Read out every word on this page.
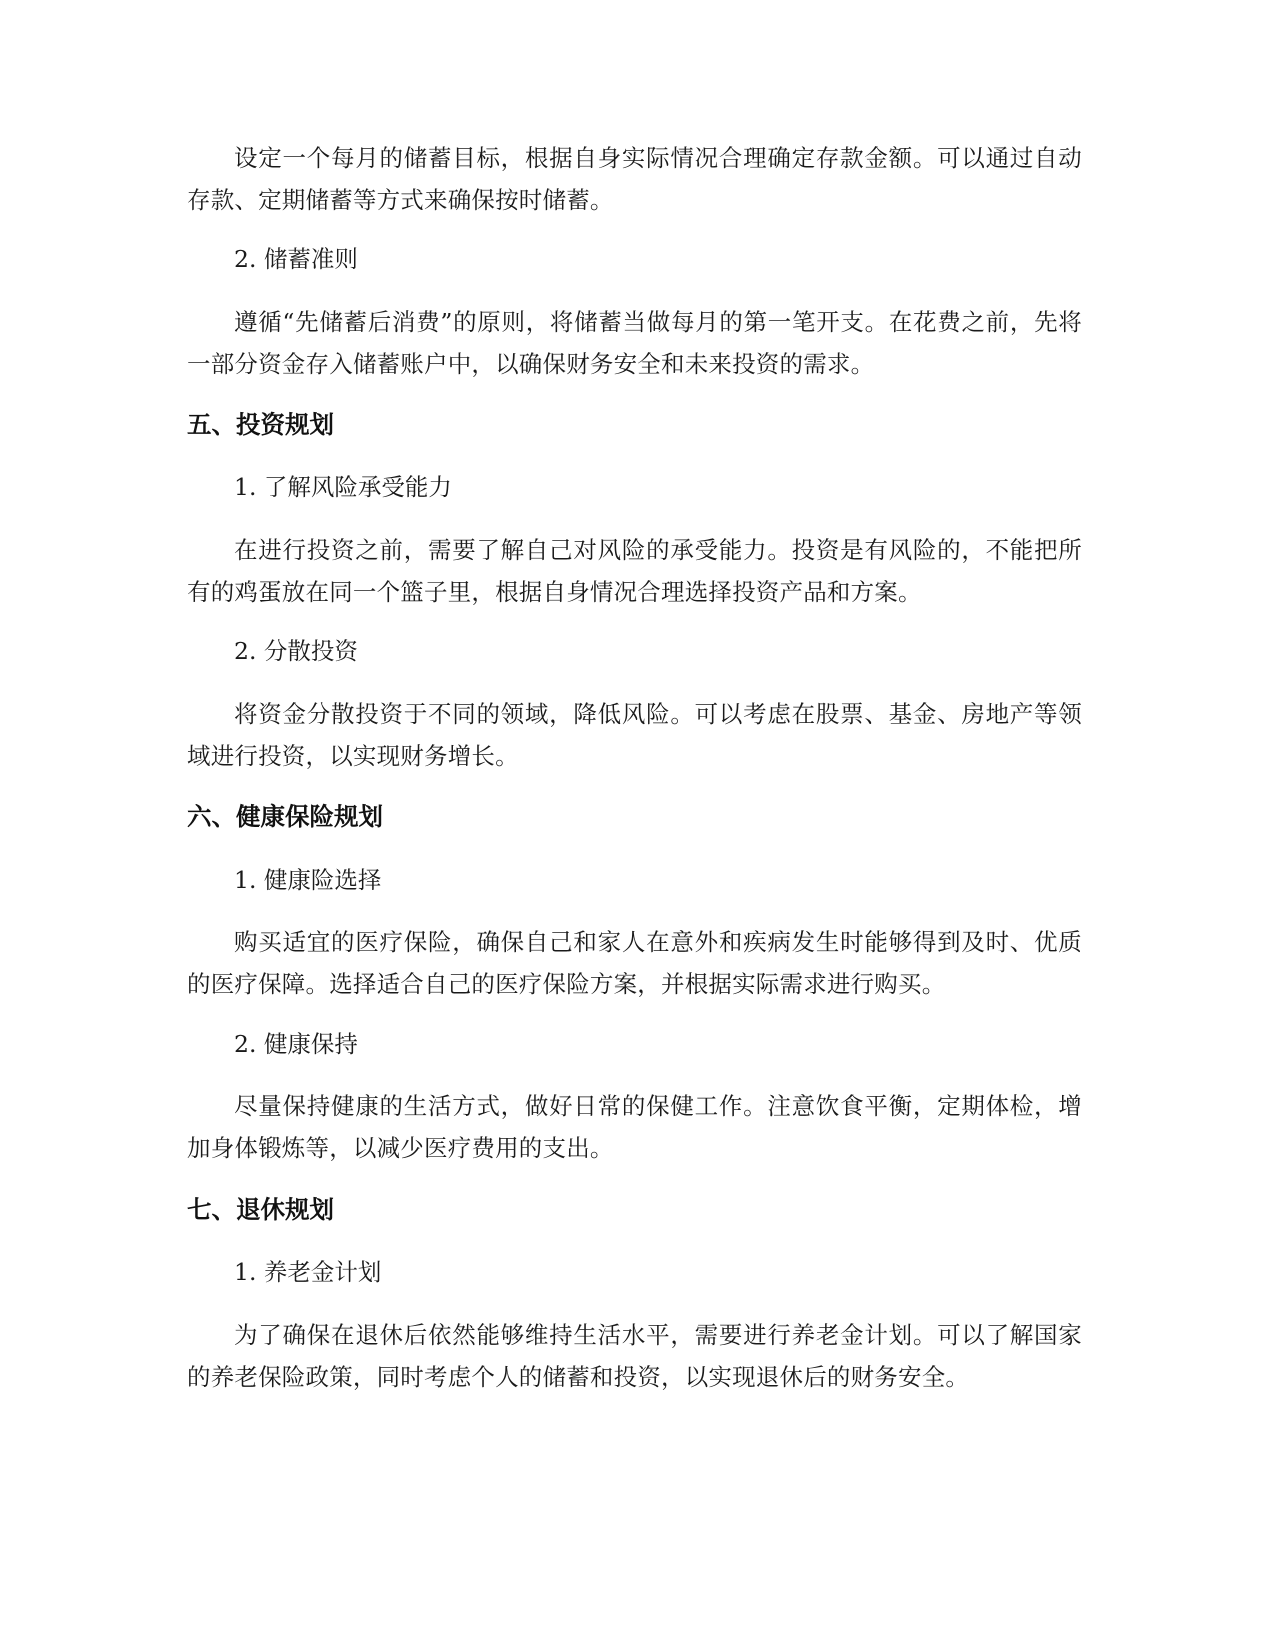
设定一个每月的储蓄目标，根据自身实际情况合理确定存款金额。可以通过自动存款、定期储蓄等方式来确保按时储蓄。

2. 储蓄准则

遵循“先储蓄后消费”的原则，将储蓄当做每月的第一笔开支。在花费之前，先将一部分资金存入储蓄账户中，以确保财务安全和未来投资的需求。

五、投资规划
1. 了解风险承受能力

在进行投资之前，需要了解自己对风险的承受能力。投资是有风险的，不能把所有的鸡蛋放在同一个篮子里，根据自身情况合理选择投资产品和方案。

2. 分散投资

将资金分散投资于不同的领域，降低风险。可以考虑在股票、基金、房地产等领域进行投资，以实现财务增长。

六、健康保险规划
1. 健康险选择

购买适宜的医疗保险，确保自己和家人在意外和疾病发生时能够得到及时、优质的医疗保障。选择适合自己的医疗保险方案，并根据实际需求进行购买。

2. 健康保持

尽量保持健康的生活方式，做好日常的保健工作。注意饮食平衡，定期体检，增加身体锻炼等，以减少医疗费用的支出。

七、退休规划
1. 养老金计划

为了确保在退休后依然能够维持生活水平，需要进行养老金计划。可以了解国家的养老保险政策，同时考虑个人的储蓄和投资，以实现退休后的财务安全。
